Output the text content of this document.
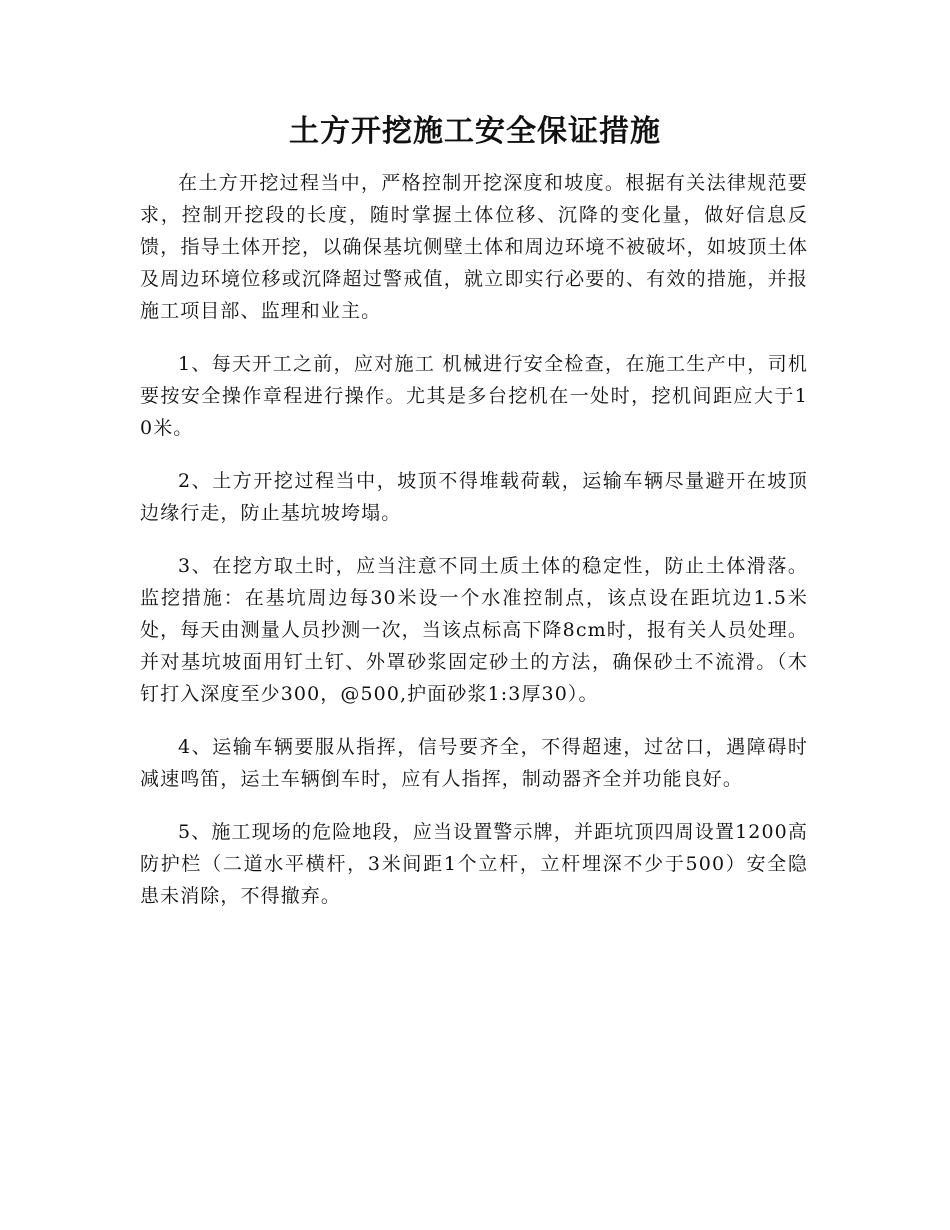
土方开挖施工安全保证措施

在土方开挖过程当中，严格控制开挖深度和坡度。根据有关法律规范要求，控制开挖段的长度，随时掌握土体位移、沉降的变化量，做好信息反馈，指导土体开挖，以确保基坑侧壁土体和周边环境不被破坏，如坡顶土体及周边环境位移或沉降超过警戒值，就立即实行必要的、有效的措施，并报施工项目部、监理和业主。

1、每天开工之前，应对施工 机械进行安全检查，在施工生产中，司机要按安全操作章程进行操作。尤其是多台挖机在一处时，挖机间距应大于10米。

2、土方开挖过程当中，坡顶不得堆载荷载，运输车辆尽量避开在坡顶边缘行走，防止基坑坡垮塌。

3、在挖方取土时，应当注意不同土质土体的稳定性，防止土体滑落。监挖措施：在基坑周边每30米设一个水准控制点，该点设在距坑边1.5米处，每天由测量人员抄测一次，当该点标高下降8cm时，报有关人员处理。并对基坑坡面用钉土钉、外罩砂浆固定砂土的方法，确保砂土不流滑。（木钉打入深度至少300，@500,护面砂浆1:3厚30）。

4、运输车辆要服从指挥，信号要齐全，不得超速，过岔口，遇障碍时减速鸣笛，运土车辆倒车时，应有人指挥，制动器齐全并功能良好。

5、施工现场的危险地段，应当设置警示牌，并距坑顶四周设置1200高防护栏（二道水平横杆，3米间距1个立杆，立杆埋深不少于500）安全隐患未消除，不得撤弃。
